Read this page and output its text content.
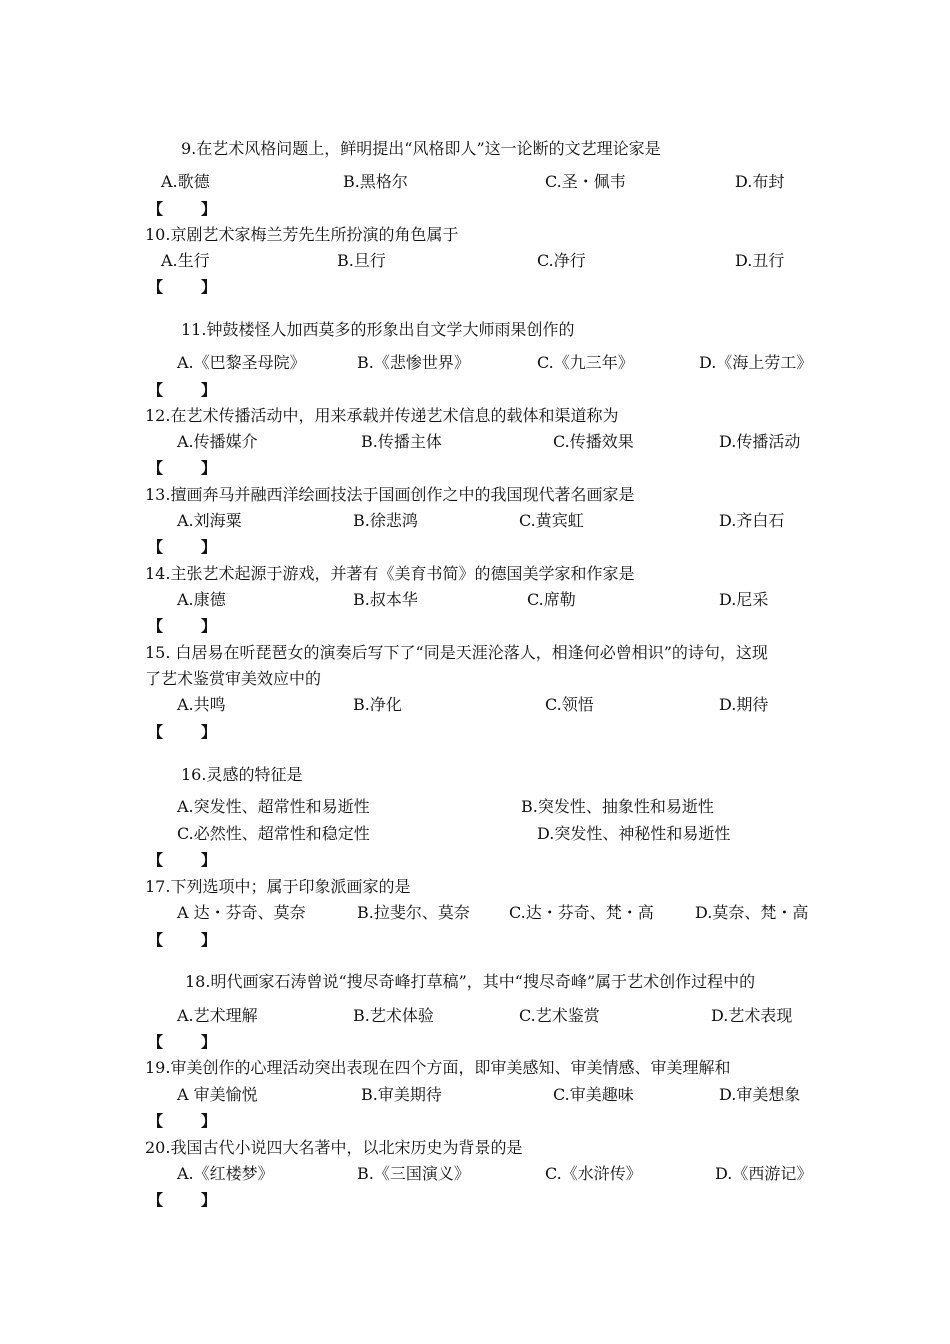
9.在艺术风格问题上，鲜明提出“风格即人”这一论断的文艺理论家是
A.歌德	B.黑格尔	C.圣・佩韦	D.布封
【	】
10.京剧艺术家梅兰芳先生所扮演的角色属于
A.生行	B.旦行	C.净行	D.丑行
【	】
11.钟鼓楼怪人加西莫多的形象出自文学大师雨果创作的
A.《巴黎圣母院》	B.《悲惨世界》	C.《九三年》	D.《海上劳工》
【	】
12.在艺术传播活动中，用来承载并传递艺术信息的载体和渠道称为
A.传播媒介	B.传播主体	C.传播效果	D.传播活动
【	】
13.擅画奔马并融西洋绘画技法于国画创作之中的我国现代著名画家是
A.刘海粟	B.徐悲鸿	C.黄宾虹	D.齐白石
【	】
14.主张艺术起源于游戏，并著有《美育书简》的德国美学家和作家是
A.康德	B.叔本华	C.席勒	D.尼采
【	】
15. 白居易在听琵琶女的演奏后写下了“同是天涯沦落人，相逢何必曾相识”的诗句，这现
了艺术鉴赏审美效应中的
A.共鸣	B.净化	C.领悟	D.期待
【	】
16.灵感的特征是
A.突发性、超常性和易逝性	B.突发性、抽象性和易逝性
C.必然性、超常性和稳定性	D.突发性、神秘性和易逝性
【	】
17.下列选项中；属于印象派画家的是
A 达・芬奇、莫奈	B.拉斐尔、莫奈 C.达・芬奇、梵・高	D.莫奈、梵・高
【	】
18.明代画家石涛曾说“搜尽奇峰打草稿”，其中“搜尽奇峰”属于艺术创作过程中的
A.艺术理解	B.艺术体验	C.艺术鉴赏	D.艺术表现
【	】
19.审美创作的心理活动突出表现在四个方面，即审美感知、审美情感、审美理解和
A 审美愉悦	B.审美期待	C.审美趣味	D.审美想象
【	】
20.我国古代小说四大名著中，以北宋历史为背景的是
A.《红楼梦》	B.《三国演义》	C.《水浒传》	D.《西游记》
【	】
